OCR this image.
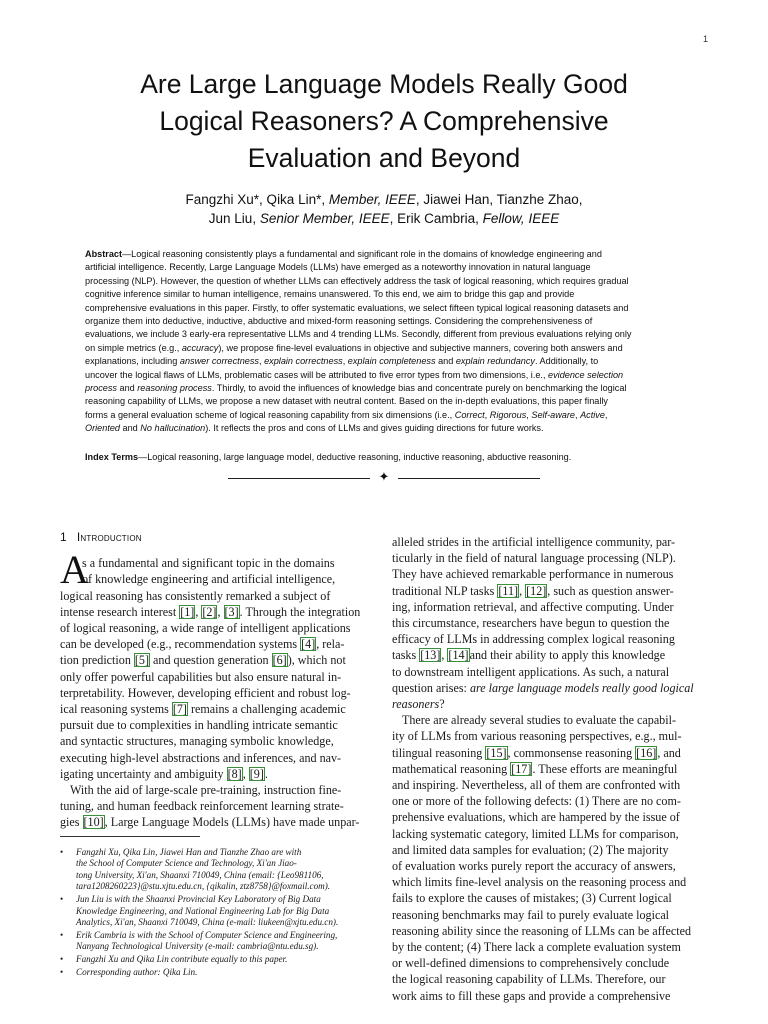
1
Are Large Language Models Really Good
Logical Reasoners? A Comprehensive
Evaluation and Beyond
Fangzhi Xu*, Qika Lin*, Member, IEEE, Jiawei Han, Tianzhe Zhao,
Jun Liu, Senior Member, IEEE, Erik Cambria, Fellow, IEEE
Abstract—Logical reasoning consistently plays a fundamental and significant role in the domains of knowledge engineering and
artificial intelligence. Recently, Large Language Models (LLMs) have emerged as a noteworthy innovation in natural language
processing (NLP). However, the question of whether LLMs can effectively address the task of logical reasoning, which requires gradual
cognitive inference similar to human intelligence, remains unanswered. To this end, we aim to bridge this gap and provide
comprehensive evaluations in this paper. Firstly, to offer systematic evaluations, we select fifteen typical logical reasoning datasets and
organize them into deductive, inductive, abductive and mixed-form reasoning settings. Considering the comprehensiveness of
evaluations, we include 3 early-era representative LLMs and 4 trending LLMs. Secondly, different from previous evaluations relying only
on simple metrics (e.g., accuracy), we propose fine-level evaluations in objective and subjective manners, covering both answers and
explanations, including answer correctness, explain correctness, explain completeness and explain redundancy. Additionally, to
uncover the logical flaws of LLMs, problematic cases will be attributed to five error types from two dimensions, i.e., evidence selection
process and reasoning process. Thirdly, to avoid the influences of knowledge bias and concentrate purely on benchmarking the logical
reasoning capability of LLMs, we propose a new dataset with neutral content. Based on the in-depth evaluations, this paper finally
forms a general evaluation scheme of logical reasoning capability from six dimensions (i.e., Correct, Rigorous, Self-aware, Active,
Oriented and No hallucination). It reflects the pros and cons of LLMs and gives guiding directions for future works.
Index Terms—Logical reasoning, large language model, deductive reasoning, inductive reasoning, abductive reasoning.
✦
1 Introduction
A
s a fundamental and significant topic in the domains
of knowledge engineering and artificial intelligence,
logical reasoning has consistently remarked a subject of
intense research interest [1], [2], [3]. Through the integration
of logical reasoning, a wide range of intelligent applications
can be developed (e.g., recommendation systems [4], rela-
tion prediction [5] and question generation [6]), which not
only offer powerful capabilities but also ensure natural in-
terpretability. However, developing efficient and robust log-
ical reasoning systems [7] remains a challenging academic
pursuit due to complexities in handling intricate semantic
and syntactic structures, managing symbolic knowledge,
executing high-level abstractions and inferences, and nav-
igating uncertainty and ambiguity [8], [9].
With the aid of large-scale pre-training, instruction fine-
tuning, and human feedback reinforcement learning strate-
gies [10], Large Language Models (LLMs) have made unpar-
• Fangzhi Xu, Qika Lin, Jiawei Han and Tianzhe Zhao are with
the School of Computer Science and Technology, Xi'an Jiao-
tong University, Xi'an, Shaanxi 710049, China (email: {Leo981106,
tara1208260223}@stu.xjtu.edu.cn, {qikalin, ztz8758}@foxmail.com).
• Jun Liu is with the Shaanxi Provincial Key Laboratory of Big Data
Knowledge Engineering, and National Engineering Lab for Big Data
Analytics, Xi'an, Shaanxi 710049, China (e-mail: liukeen@xjtu.edu.cn).
• Erik Cambria is with the School of Computer Science and Engineering,
Nanyang Technological University (e-mail: cambria@ntu.edu.sg).
• Fangzhi Xu and Qika Lin contribute equally to this paper.
• Corresponding author: Qika Lin.
alleled strides in the artificial intelligence community, par-
ticularly in the field of natural language processing (NLP).
They have achieved remarkable performance in numerous
traditional NLP tasks [11], [12], such as question answer-
ing, information retrieval, and affective computing. Under
this circumstance, researchers have begun to question the
efficacy of LLMs in addressing complex logical reasoning
tasks [13], [14]and their ability to apply this knowledge
to downstream intelligent applications. As such, a natural
question arises: are large language models really good logical
reasoners?
There are already several studies to evaluate the capabil-
ity of LLMs from various reasoning perspectives, e.g., mul-
tilingual reasoning [15], commonsense reasoning [16], and
mathematical reasoning [17]. These efforts are meaningful
and inspiring. Nevertheless, all of them are confronted with
one or more of the following defects: (1) There are no com-
prehensive evaluations, which are hampered by the issue of
lacking systematic category, limited LLMs for comparison,
and limited data samples for evaluation; (2) The majority
of evaluation works purely report the accuracy of answers,
which limits fine-level analysis on the reasoning process and
fails to explore the causes of mistakes; (3) Current logical
reasoning benchmarks may fail to purely evaluate logical
reasoning ability since the reasoning of LLMs can be affected
by the content; (4) There lack a complete evaluation system
or well-defined dimensions to comprehensively conclude
the logical reasoning capability of LLMs. Therefore, our
work aims to fill these gaps and provide a comprehensive
